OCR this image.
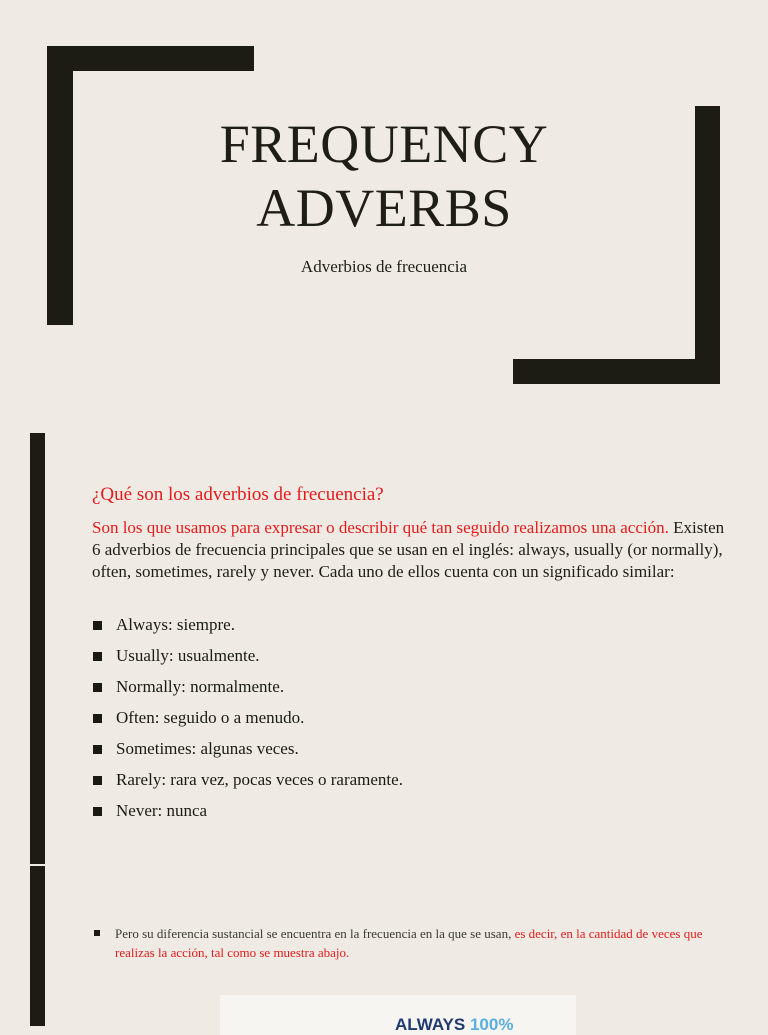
FREQUENCY
ADVERBS
Adverbios de frecuencia
¿Qué son los adverbios de frecuencia?
Son los que usamos para expresar o describir qué tan seguido realizamos una acción. Existen 6 adverbios de frecuencia principales que se usan en el inglés: always, usually (or normally), often, sometimes, rarely y never. Cada uno de ellos cuenta con un significado similar:
Always: siempre.
Usually: usualmente.
Normally: normalmente.
Often: seguido o a menudo.
Sometimes: algunas veces.
Rarely: rara vez, pocas veces o raramente.
Never: nunca
Pero su diferencia sustancial se encuentra en la frecuencia en la que se usan, es decir, en la cantidad de veces que realizas la acción, tal como se muestra abajo.
ALWAYS 100%
